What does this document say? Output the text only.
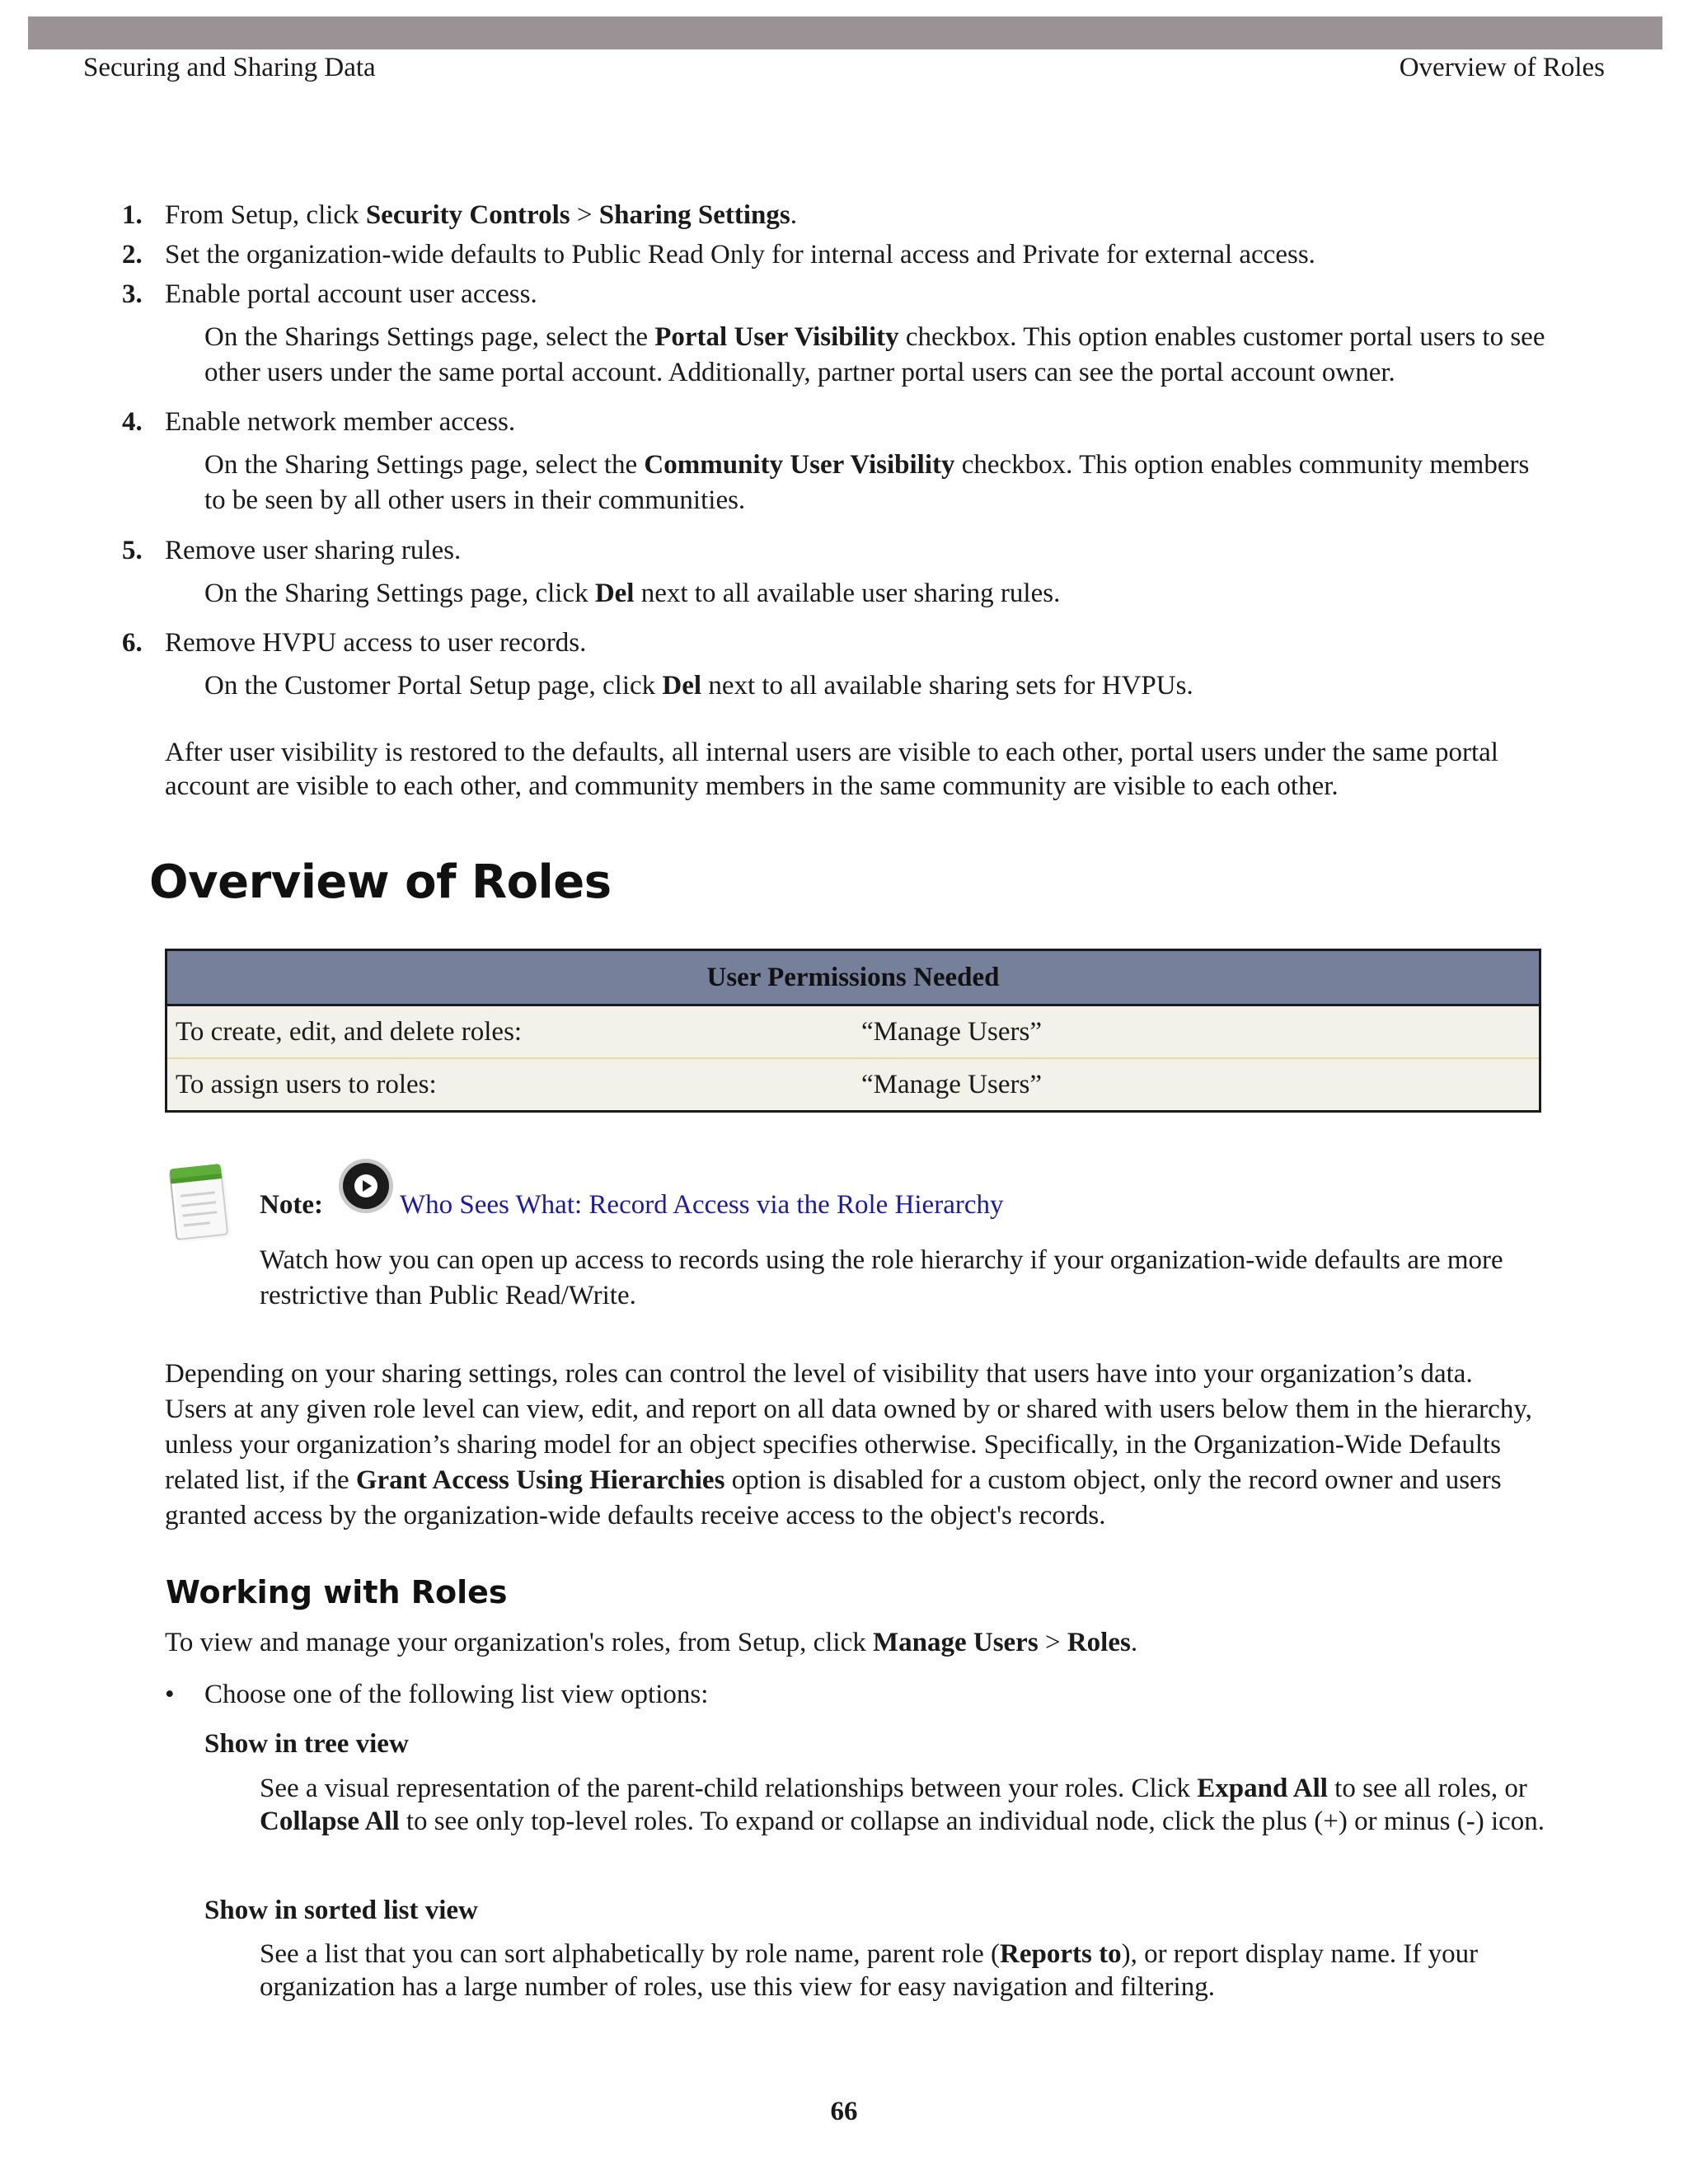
Securing and Sharing Data	Overview of Roles
1. From Setup, click Security Controls > Sharing Settings.
2. Set the organization-wide defaults to Public Read Only for internal access and Private for external access.
3. Enable portal account user access.
On the Sharings Settings page, select the Portal User Visibility checkbox. This option enables customer portal users to see other users under the same portal account. Additionally, partner portal users can see the portal account owner.
4. Enable network member access.
On the Sharing Settings page, select the Community User Visibility checkbox. This option enables community members to be seen by all other users in their communities.
5. Remove user sharing rules.
On the Sharing Settings page, click Del next to all available user sharing rules.
6. Remove HVPU access to user records.
On the Customer Portal Setup page, click Del next to all available sharing sets for HVPUs.
After user visibility is restored to the defaults, all internal users are visible to each other, portal users under the same portal account are visible to each other, and community members in the same community are visible to each other.
Overview of Roles
User Permissions Needed
To create, edit, and delete roles:	“Manage Users”
To assign users to roles:	“Manage Users”
Note:	Who Sees What: Record Access via the Role Hierarchy
Watch how you can open up access to records using the role hierarchy if your organization-wide defaults are more restrictive than Public Read/Write.
Depending on your sharing settings, roles can control the level of visibility that users have into your organization’s data. Users at any given role level can view, edit, and report on all data owned by or shared with users below them in the hierarchy, unless your organization’s sharing model for an object specifies otherwise. Specifically, in the Organization-Wide Defaults related list, if the Grant Access Using Hierarchies option is disabled for a custom object, only the record owner and users granted access by the organization-wide defaults receive access to the object's records.
Working with Roles
To view and manage your organization's roles, from Setup, click Manage Users > Roles.
• Choose one of the following list view options:
Show in tree view
See a visual representation of the parent-child relationships between your roles. Click Expand All to see all roles, or Collapse All to see only top-level roles. To expand or collapse an individual node, click the plus (+) or minus (-) icon.
Show in sorted list view
See a list that you can sort alphabetically by role name, parent role (Reports to), or report display name. If your organization has a large number of roles, use this view for easy navigation and filtering.
66
